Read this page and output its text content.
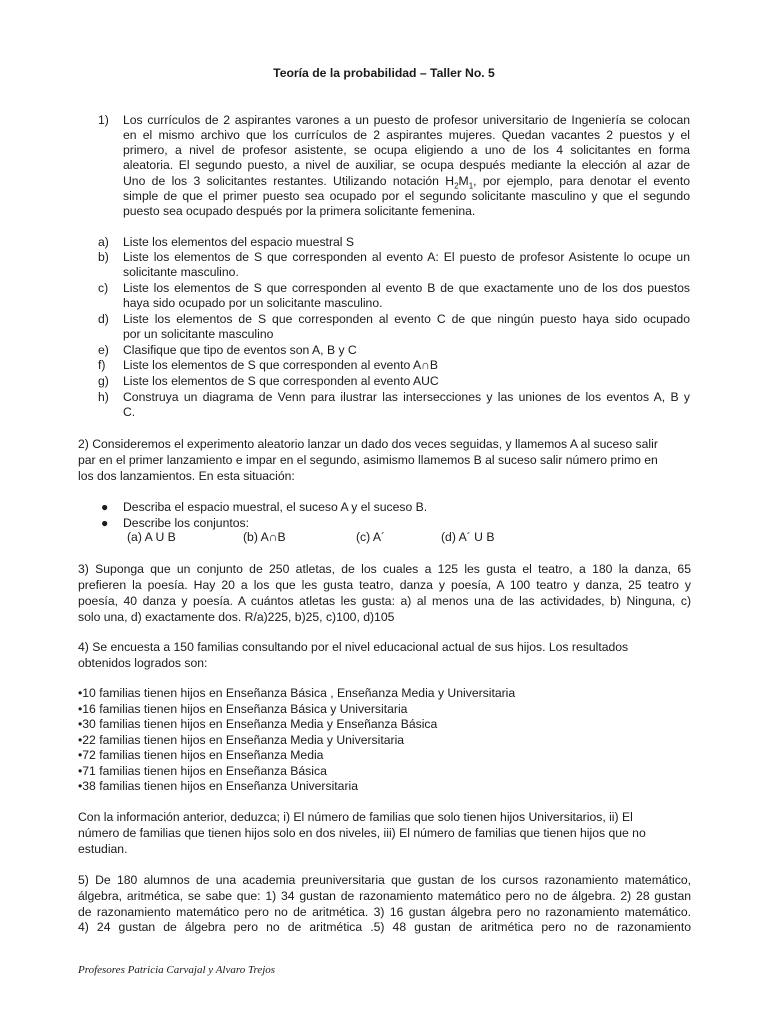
Teoría de la probabilidad – Taller No. 5
1) Los currículos de 2 aspirantes varones a un puesto de profesor universitario de Ingeniería se colocan
en el mismo archivo que los currículos de 2 aspirantes mujeres. Quedan vacantes 2 puestos y el
primero, a nivel de profesor asistente, se ocupa eligiendo a uno de los 4 solicitantes en forma
aleatoria. El segundo puesto, a nivel de auxiliar, se ocupa después mediante la elección al azar de
Uno de los 3 solicitantes restantes. Utilizando notación $H_2M_1$, por ejemplo, para denotar el evento
simple de que el primer puesto sea ocupado por el segundo solicitante masculino y que el segundo
puesto sea ocupado después por la primera solicitante femenina.
a) Liste los elementos del espacio muestral S
b) Liste los elementos de S que corresponden al evento A: El puesto de profesor Asistente lo ocupe un
solicitante masculino.
c) Liste los elementos de S que corresponden al evento B de que exactamente uno de los dos puestos
haya sido ocupado por un solicitante masculino.
d) Liste los elementos de S que corresponden al evento C de que ningún puesto haya sido ocupado
por un solicitante masculino
e) Clasifique que tipo de eventos son A, B y C
f) Liste los elementos de S que corresponden al evento A∩B
g) Liste los elementos de S que corresponden al evento AUC
h) Construya un diagrama de Venn para ilustrar las intersecciones y las uniones de los eventos A, B y
C.
2) Consideremos el experimento aleatorio lanzar un dado dos veces seguidas, y llamemos A al suceso salir
par en el primer lanzamiento e impar en el segundo, asimismo llamemos B al suceso salir número primo en
los dos lanzamientos. En esta situación:
● Describa el espacio muestral, el suceso A y el suceso B.
● Describe los conjuntos:
(a) A U B	(b) A∩B	(c) A´	(d) A´ U B
3) Suponga que un conjunto de 250 atletas, de los cuales a 125 les gusta el teatro, a 180 la danza, 65
prefieren la poesía. Hay 20 a los que les gusta teatro, danza y poesía, A 100 teatro y danza, 25 teatro y
poesía, 40 danza y poesía. A cuántos atletas les gusta: a) al menos una de las actividades, b) Ninguna, c)
solo una, d) exactamente dos. R/a)225, b)25, c)100, d)105
4) Se encuesta a 150 familias consultando por el nivel educacional actual de sus hijos. Los resultados
obtenidos logrados son:
•10 familias tienen hijos en Enseñanza Básica , Enseñanza Media y Universitaria
•16 familias tienen hijos en Enseñanza Básica y Universitaria
•30 familias tienen hijos en Enseñanza Media y Enseñanza Básica
•22 familias tienen hijos en Enseñanza Media y Universitaria
•72 familias tienen hijos en Enseñanza Media
•71 familias tienen hijos en Enseñanza Básica
•38 familias tienen hijos en Enseñanza Universitaria
Con la información anterior, deduzca; i) El número de familias que solo tienen hijos Universitarios, ii) El
número de familias que tienen hijos solo en dos niveles, iii) El número de familias que tienen hijos que no
estudian.
5) De 180 alumnos de una academia preuniversitaria que gustan de los cursos razonamiento matemático,
álgebra, aritmética, se sabe que: 1) 34 gustan de razonamiento matemático pero no de álgebra. 2) 28 gustan
de razonamiento matemático pero no de aritmética. 3) 16 gustan álgebra pero no razonamiento matemático.
4) 24 gustan de álgebra pero no de aritmética .5) 48 gustan de aritmética pero no de razonamiento
Profesores Patricia Carvajal y Alvaro Trejos
